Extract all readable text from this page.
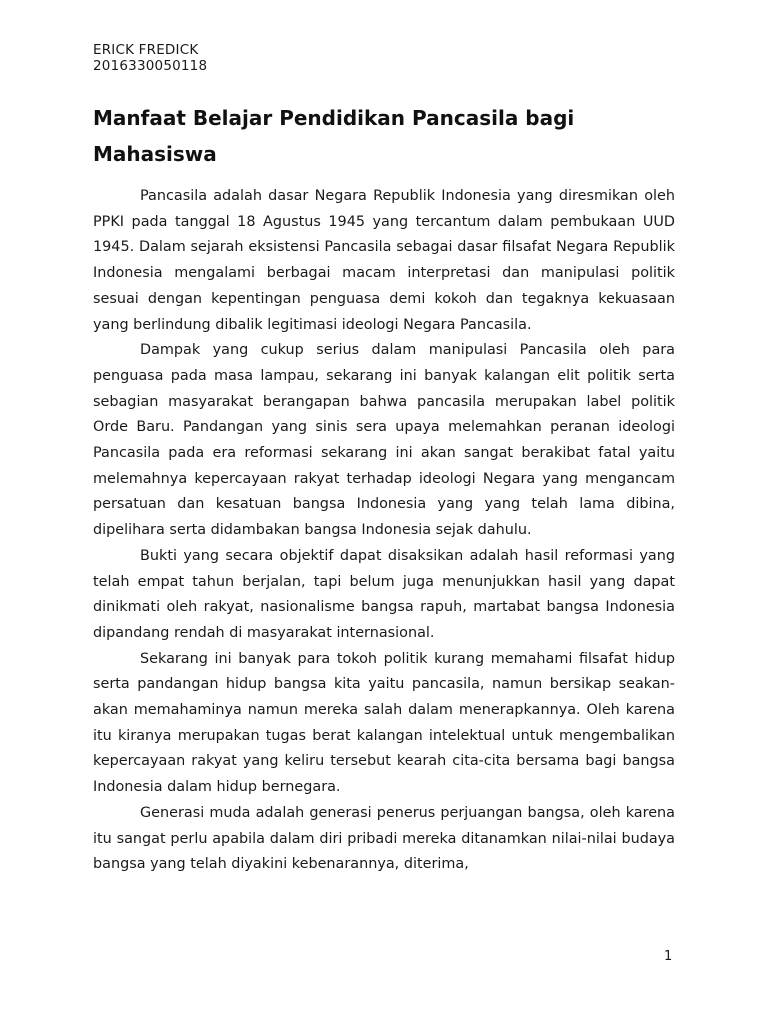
ERICK FREDICK
2016330050118
Manfaat Belajar Pendidikan Pancasila bagi Mahasiswa

Pancasila adalah dasar Negara Republik Indonesia yang diresmikan oleh PPKI pada tanggal 18 Agustus 1945 yang tercantum dalam pembukaan UUD 1945. Dalam sejarah eksistensi Pancasila sebagai dasar filsafat Negara Republik Indonesia mengalami berbagai macam interpretasi dan manipulasi politik sesuai dengan kepentingan penguasa demi kokoh dan tegaknya kekuasaan yang berlindung dibalik legitimasi ideologi Negara Pancasila.

Dampak yang cukup serius dalam manipulasi Pancasila oleh para penguasa pada masa lampau, sekarang ini banyak kalangan elit politik serta sebagian masyarakat berangapan bahwa pancasila merupakan label politik Orde Baru. Pandangan yang sinis sera upaya melemahkan peranan ideologi Pancasila pada era reformasi sekarang ini akan sangat berakibat fatal yaitu melemahnya kepercayaan rakyat terhadap ideologi Negara yang mengancam persatuan dan kesatuan bangsa Indonesia yang yang telah lama dibina, dipelihara serta didambakan bangsa Indonesia sejak dahulu.

Bukti yang secara objektif dapat disaksikan adalah hasil reformasi yang telah empat tahun berjalan, tapi belum juga menunjukkan hasil yang dapat dinikmati oleh rakyat, nasionalisme bangsa rapuh, martabat bangsa Indonesia dipandang rendah di masyarakat internasional.

Sekarang ini banyak para tokoh politik kurang memahami filsafat hidup serta pandangan hidup bangsa kita yaitu pancasila, namun bersikap seakan- akan memahaminya namun mereka salah dalam menerapkannya. Oleh karena itu kiranya merupakan tugas berat kalangan intelektual untuk mengembalikan kepercayaan rakyat yang keliru tersebut kearah cita-cita bersama bagi bangsa Indonesia dalam hidup bernegara.

Generasi muda adalah generasi penerus perjuangan bangsa, oleh karena itu sangat perlu apabila dalam diri pribadi mereka ditanamkan nilai-nilai budaya bangsa yang telah diyakini kebenarannya, diterima,

1
